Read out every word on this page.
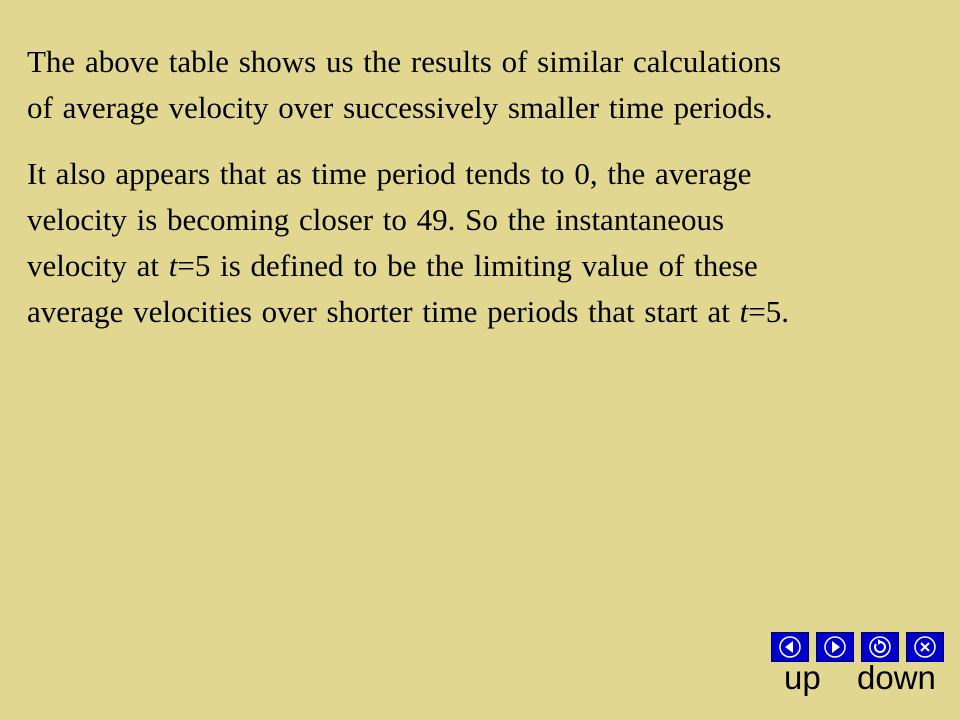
The above table shows us the results of similar calculations
of average velocity over successively smaller time periods.

It also appears that as time period tends to 0, the average
velocity is becoming closer to 49. So the instantaneous
velocity at t=5 is defined to be the limiting value of these
average velocities over shorter time periods that start at t=5.

up down
